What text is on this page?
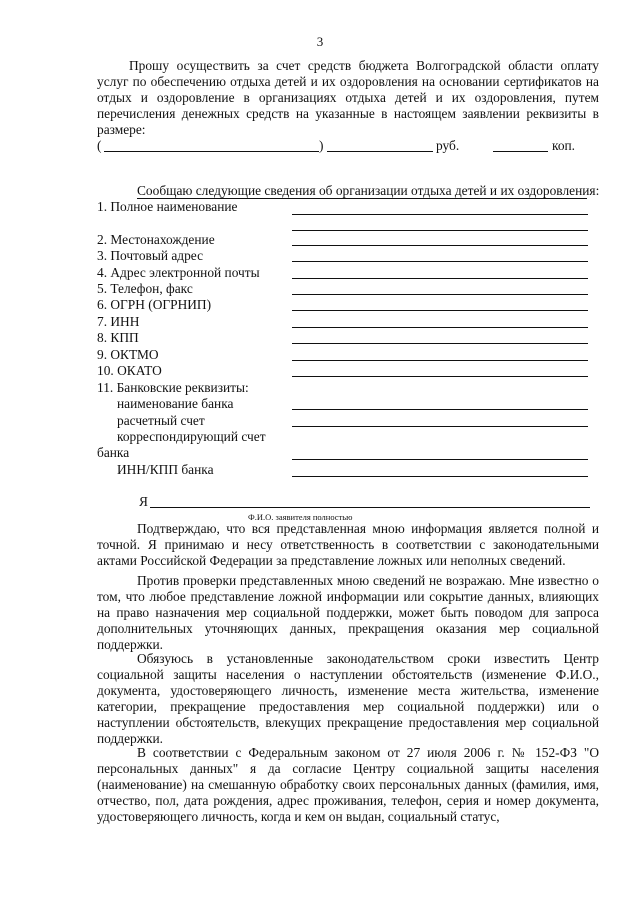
3

Прошу осуществить за счет средств бюджета Волгоградской области оплату услуг по обеспечению отдыха детей и их оздоровления на основании сертификатов на отдых и оздоровление в организациях отдыха детей и их оздоровления, путем перечисления денежных средств на указанные в настоящем заявлении реквизиты в размере:

(	)	руб.	коп.
Сообщаю следующие сведения об организации отдыха детей и их оздоровления:
1. Полное наименование
2. Местонахождение
3. Почтовый адрес
4. Адрес электронной почты
5. Телефон, факс
6. ОГРН (ОГРНИП)
7. ИНН
8. КПП
9. ОКТМО
10. ОКАТО
11. Банковские реквизиты:
наименование банка
расчетный счет
корреспондирующий счет
банка
ИНН/КПП банка
Я
Ф.И.О. заявителя полностью

Подтверждаю, что вся представленная мною информация является полной и точной. Я принимаю и несу ответственность в соответствии с законодательными актами Российской Федерации за представление ложных или неполных сведений.

Против проверки представленных мною сведений не возражаю. Мне известно о том, что любое представление ложной информации или сокрытие данных, влияющих на право назначения мер социальной поддержки, может быть поводом для запроса дополнительных уточняющих данных, прекращения оказания мер социальной поддержки.

Обязуюсь в установленные законодательством сроки известить Центр социальной защиты населения о наступлении обстоятельств (изменение Ф.И.О., документа, удостоверяющего личность, изменение места жительства, изменение категории, прекращение предоставления мер социальной поддержки) или о наступлении обстоятельств, влекущих прекращение предоставления мер социальной поддержки.

В соответствии с Федеральным законом от 27 июля 2006 г. № 152-ФЗ "О персональных данных" я да согласие Центру социальной защиты населения (наименование) на смешанную обработку своих персональных данных (фамилия, имя, отчество, пол, дата рождения, адрес проживания, телефон, серия и номер документа, удостоверяющего личность, когда и кем он выдан, социальный статус,
